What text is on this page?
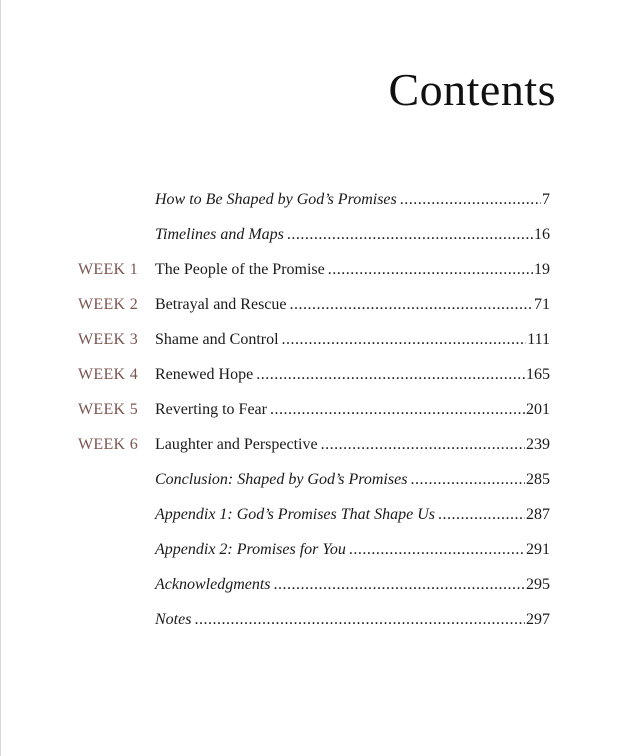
Contents
How to Be Shaped by God’s Promises .....	7
Timelines and Maps .....	16
WEEK 1	The People of the Promise .....	19
WEEK 2	Betrayal and Rescue .....	71
WEEK 3	Shame and Control .....	111
WEEK 4	Renewed Hope .....	165
WEEK 5	Reverting to Fear .....	201
WEEK 6	Laughter and Perspective .....	239
Conclusion: Shaped by God’s Promises .....	285
Appendix 1: God’s Promises That Shape Us .....	287
Appendix 2: Promises for You .....	291
Acknowledgments .....	295
Notes .....	297
